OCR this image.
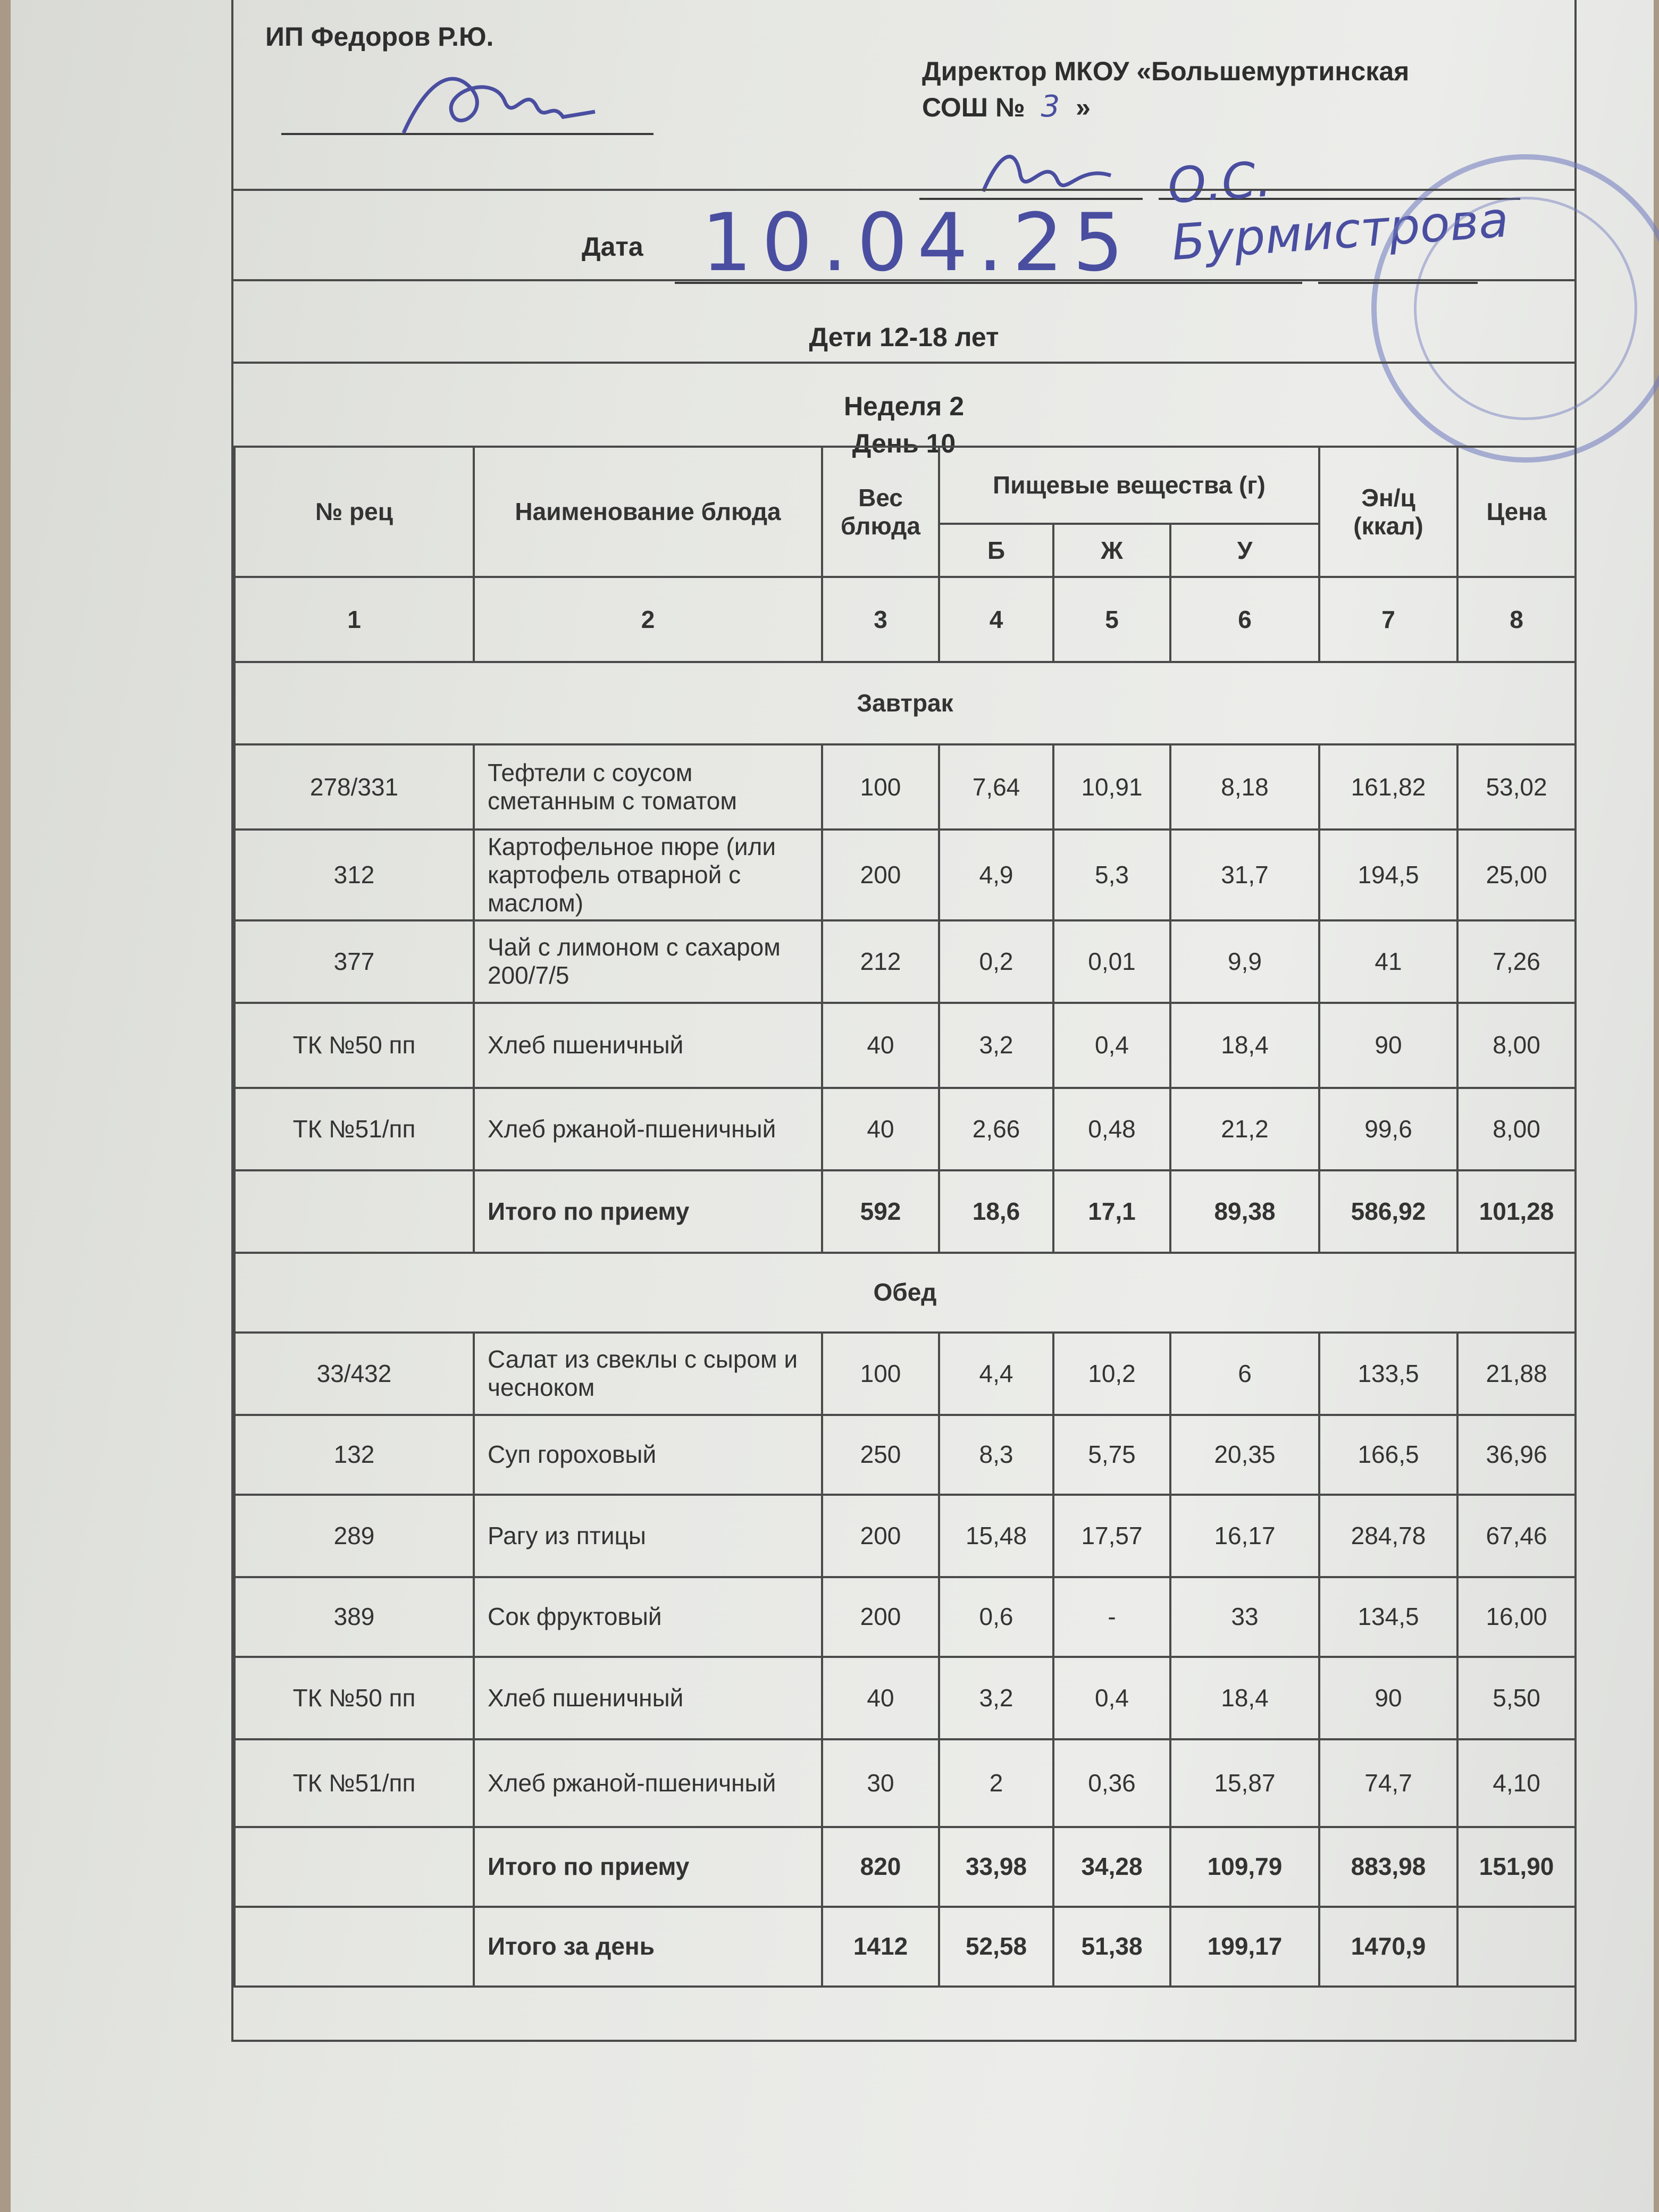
ИП Федоров Р.Ю.
Директор МКОУ «Большемуртинская
СОШ № 3 »
О.С. Бурмистрова
Дата 10.04.25
Дети 12-18 лет
Неделя 2
День 10
№ рец	Наименование блюда	Вес блюда	Пищевые вещества (г)			Эн/ц (ккал)	Цена
			Б	Ж	У		
1	2	3	4	5	6	7	8
Завтрак							
278/331	Тефтели с соусом сметанным с томатом	100	7,64	10,91	8,18	161,82	53,02
312	Картофельное пюре (или картофель отварной с маслом)	200	4,9	5,3	31,7	194,5	25,00
377	Чай с лимоном с сахаром 200/7/5	212	0,2	0,01	9,9	41	7,26
ТК №50 пп	Хлеб пшеничный	40	3,2	0,4	18,4	90	8,00
ТК №51/пп	Хлеб ржаной-пшеничный	40	2,66	0,48	21,2	99,6	8,00
	Итого по приему	592	18,6	17,1	89,38	586,92	101,28
Обед							
33/432	Салат из свеклы с сыром и чесноком	100	4,4	10,2	6	133,5	21,88
132	Суп гороховый	250	8,3	5,75	20,35	166,5	36,96
289	Рагу из птицы	200	15,48	17,57	16,17	284,78	67,46
389	Сок фруктовый	200	0,6	-	33	134,5	16,00
ТК №50 пп	Хлеб пшеничный	40	3,2	0,4	18,4	90	5,50
ТК №51/пп	Хлеб ржаной-пшеничный	30	2	0,36	15,87	74,7	4,10
	Итого по приему	820	33,98	34,28	109,79	883,98	151,90
	Итого за день	1412	52,58	51,38	199,17	1470,9	
